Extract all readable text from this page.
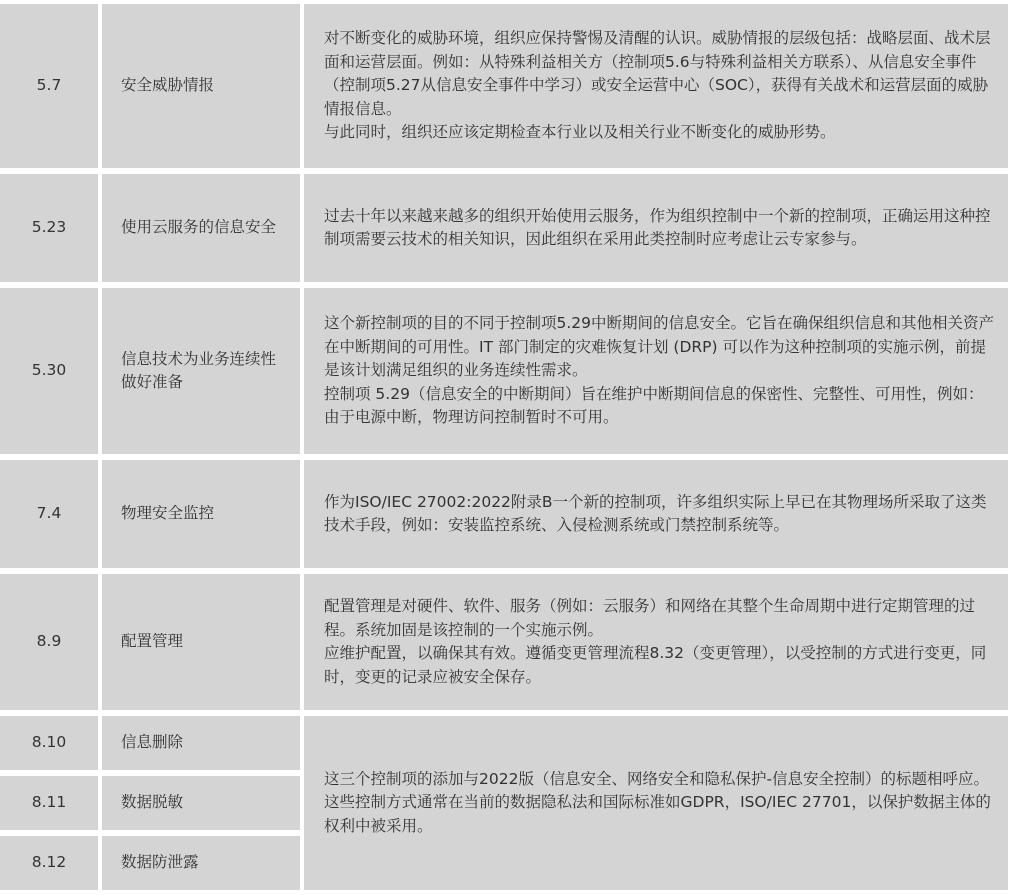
5.7	安全威胁情报

对不断变化的威胁环境，组织应保持警惕及清醒的认识。威胁情报的层级包括：战略层面、战术层面和运营层面。例如：从特殊利益相关方（控制项5.6与特殊利益相关方联系）、从信息安全事件（控制项5.27从信息安全事件中学习）或安全运营中心（SOC），获得有关战术和运营层面的威胁情报信息。

与此同时，组织还应该定期检查本行业以及相关行业不断变化的威胁形势。

5.23	使用云服务的信息安全

过去十年以来越来越多的组织开始使用云服务，作为组织控制中一个新的控制项，正确运用这种控制项需要云技术的相关知识，因此组织在采用此类控制时应考虑让云专家参与。

5.30
信息技术为业务连续性做好准备

这个新控制项的目的不同于控制项5.29中断期间的信息安全。它旨在确保组织信息和其他相关资产在中断期间的可用性。IT 部门制定的灾难恢复计划 (DRP) 可以作为这种控制项的实施示例，前提是该计划满足组织的业务连续性需求。

控制项 5.29（信息安全的中断期间）旨在维护中断期间信息的保密性、完整性、可用性，例如：由于电源中断，物理访问控制暂时不可用。

7.4	物理安全监控

作为ISO/IEC 27002:2022附录B一个新的控制项，许多组织实际上早已在其物理场所采取了这类技术手段，例如：安装监控系统、入侵检测系统或门禁控制系统等。

8.9	配置管理

配置管理是对硬件、软件、服务（例如：云服务）和网络在其整个生命周期中进行定期管理的过程。系统加固是该控制的一个实施示例。

应维护配置，以确保其有效。遵循变更管理流程8.32（变更管理），以受控制的方式进行变更，同时，变更的记录应被安全保存。

8.10	信息删除
8.11	数据脱敏
8.12	数据防泄露

这三个控制项的添加与2022版（信息安全、网络安全和隐私保护-信息安全控制）的标题相呼应。这些控制方式通常在当前的数据隐私法和国际标准如GDPR，ISO/IEC 27701，以保护数据主体的权利中被采用。
